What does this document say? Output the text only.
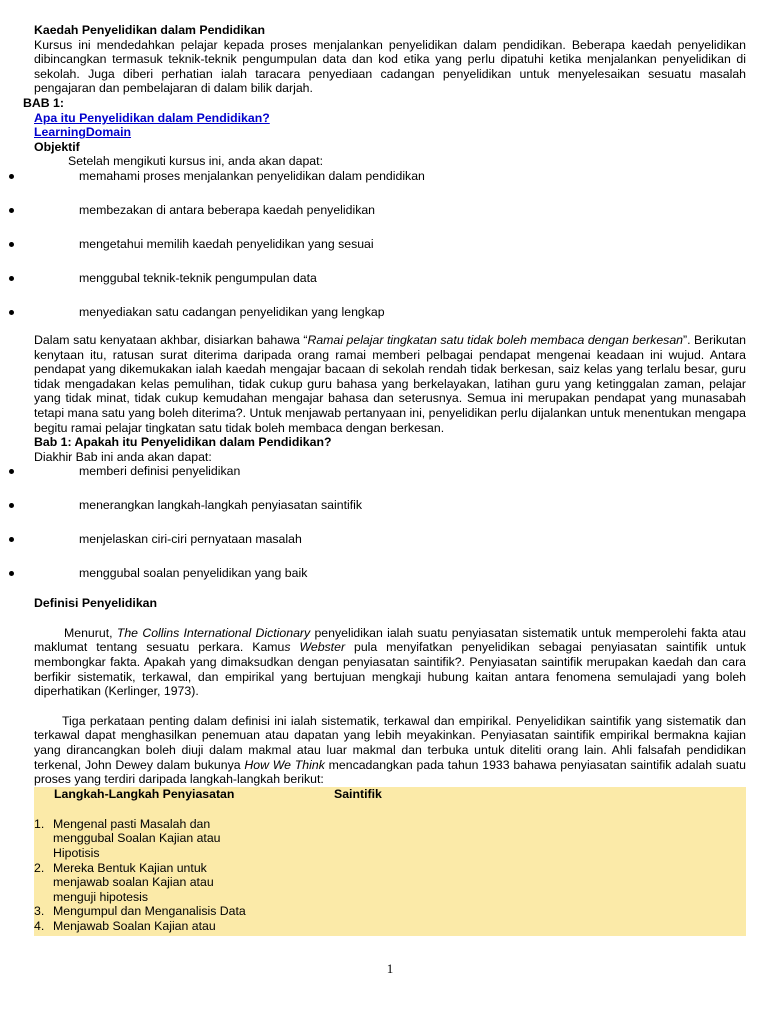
Kaedah Penyelidikan dalam Pendidikan

Kursus ini mendedahkan pelajar kepada proses menjalankan penyelidikan dalam pendidikan. Beberapa kaedah penyelidikan dibincangkan termasuk teknik-teknik pengumpulan data dan kod etika yang perlu dipatuhi ketika menjalankan penyelidikan di sekolah. Juga diberi perhatian ialah taracara penyediaan cadangan penyelidikan untuk menyelesaikan sesuatu masalah pengajaran dan pembelajaran di dalam bilik darjah.

BAB 1:
Apa itu Penyelidikan dalam Pendidikan?
LearningDomain
Objektif
Setelah mengikuti kursus ini, anda akan dapat:
memahami proses menjalankan penyelidikan dalam pendidikan
membezakan di antara beberapa kaedah penyelidikan
mengetahui memilih kaedah penyelidikan yang sesuai
menggubal teknik-teknik pengumpulan data
menyediakan satu cadangan penyelidikan yang lengkap

Dalam satu kenyataan akhbar, disiarkan bahawa “Ramai pelajar tingkatan satu tidak boleh membaca dengan berkesan”. Berikutan kenytaan itu, ratusan surat diterima daripada orang ramai memberi pelbagai pendapat mengenai keadaan ini wujud. Antara pendapat yang dikemukakan ialah kaedah mengajar bacaan di sekolah rendah tidak berkesan, saiz kelas yang terlalu besar, guru tidak mengadakan kelas pemulihan, tidak cukup guru bahasa yang berkelayakan, latihan guru yang ketinggalan zaman, pelajar yang tidak minat, tidak cukup kemudahan mengajar bahasa dan seterusnya. Semua ini merupakan pendapat yang munasabah tetapi mana satu yang boleh diterima?. Untuk menjawab pertanyaan ini, penyelidikan perlu dijalankan untuk menentukan mengapa begitu ramai pelajar tingkatan satu tidak boleh membaca dengan berkesan.

Bab 1: Apakah itu Penyelidikan dalam Pendidikan?
Diakhir Bab ini anda akan dapat:
memberi definisi penyelidikan
menerangkan langkah-langkah penyiasatan saintifik
menjelaskan ciri-ciri pernyataan masalah
menggubal soalan penyelidikan yang baik
Definisi Penyelidikan

Menurut, The Collins International Dictionary penyelidikan ialah suatu penyiasatan sistematik untuk memperolehi fakta atau maklumat tentang sesuatu perkara. Kamus Webster pula menyifatkan penyelidikan sebagai penyiasatan saintifik untuk membongkar fakta. Apakah yang dimaksudkan dengan penyiasatan saintifik?. Penyiasatan saintifik merupakan kaedah dan cara berfikir sistematik, terkawal, dan empirikal yang bertujuan mengkaji hubung kaitan antara fenomena semulajadi yang boleh diperhatikan (Kerlinger, 1973).

Tiga perkataan penting dalam definisi ini ialah sistematik, terkawal dan empirikal. Penyelidikan saintifik yang sistematik dan terkawal dapat menghasilkan penemuan atau dapatan yang lebih meyakinkan. Penyiasatan saintifik empirikal bermakna kajian yang dirancangkan boleh diuji dalam makmal atau luar makmal dan terbuka untuk diteliti orang lain. Ahli falsafah pendidikan terkenal, John Dewey dalam bukunya How We Think mencadangkan pada tahun 1933 bahawa penyiasatan saintifik adalah suatu proses yang terdiri daripada langkah-langkah berikut:

Langkah-Langkah Penyiasatan	Saintifik
1. Mengenal pasti Masalah dan
menggubal Soalan Kajian atau
Hipotisis
2. Mereka Bentuk Kajian untuk
menjawab soalan Kajian atau
menguji hipotesis
3. Mengumpul dan Menganalisis Data
4. Menjawab Soalan Kajian atau
1
